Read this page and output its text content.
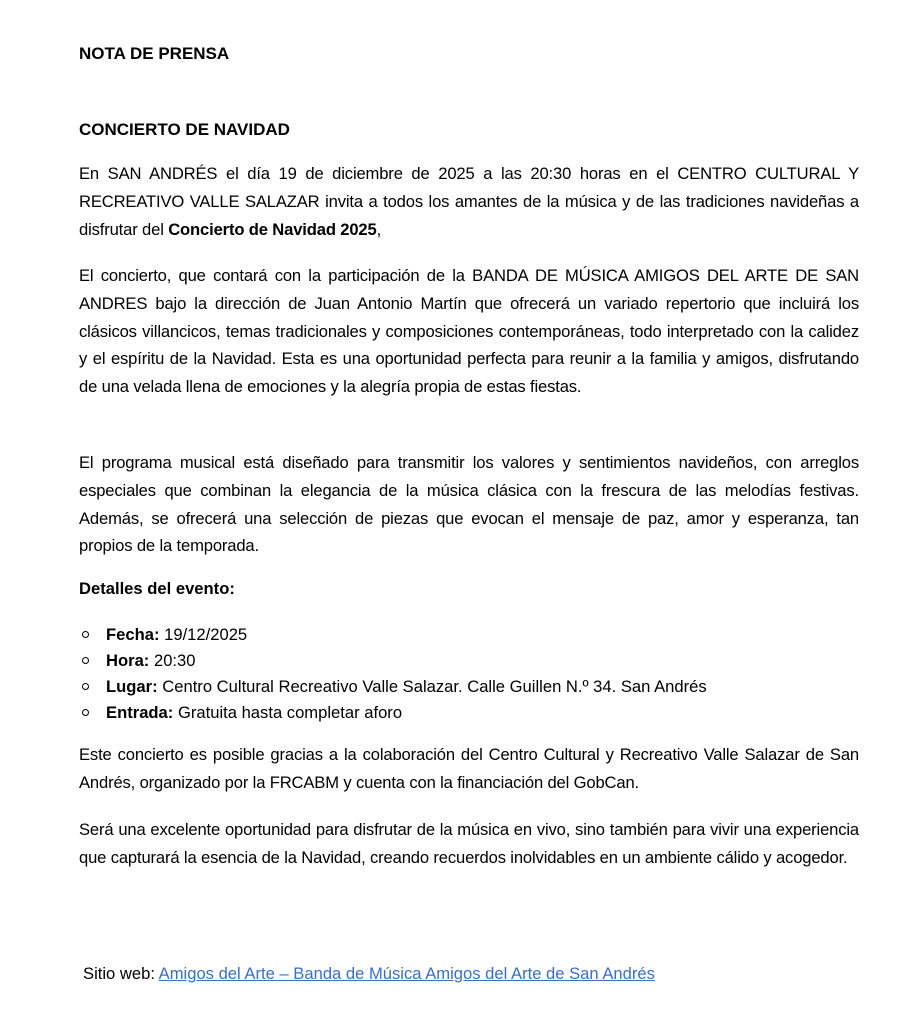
NOTA DE PRENSA
CONCIERTO DE NAVIDAD
En SAN ANDRÉS el día 19 de diciembre de 2025 a las 20:30 horas en el CENTRO CULTURAL Y RECREATIVO VALLE SALAZAR invita a todos los amantes de la música y de las tradiciones navideñas a disfrutar del Concierto de Navidad 2025,
El concierto, que contará con la participación de la BANDA DE MÚSICA AMIGOS DEL ARTE DE SAN ANDRES bajo la dirección de Juan Antonio Martín que ofrecerá un variado repertorio que incluirá los clásicos villancicos, temas tradicionales y composiciones contemporáneas, todo interpretado con la calidez y el espíritu de la Navidad. Esta es una oportunidad perfecta para reunir a la familia y amigos, disfrutando de una velada llena de emociones y la alegría propia de estas fiestas.
El programa musical está diseñado para transmitir los valores y sentimientos navideños, con arreglos especiales que combinan la elegancia de la música clásica con la frescura de las melodías festivas. Además, se ofrecerá una selección de piezas que evocan el mensaje de paz, amor y esperanza, tan propios de la temporada.
Detalles del evento:
Fecha: 19/12/2025
Hora: 20:30
Lugar: Centro Cultural Recreativo Valle Salazar. Calle Guillen N.º 34. San Andrés
Entrada: Gratuita hasta completar aforo
Este concierto es posible gracias a la colaboración del Centro Cultural y Recreativo Valle Salazar de San Andrés, organizado por la FRCABM y cuenta con la financiación del GobCan.
Será una excelente oportunidad para disfrutar de la música en vivo, sino también para vivir una experiencia que capturará la esencia de la Navidad, creando recuerdos inolvidables en un ambiente cálido y acogedor.
Sitio web: Amigos del Arte – Banda de Música Amigos del Arte de San Andrés
